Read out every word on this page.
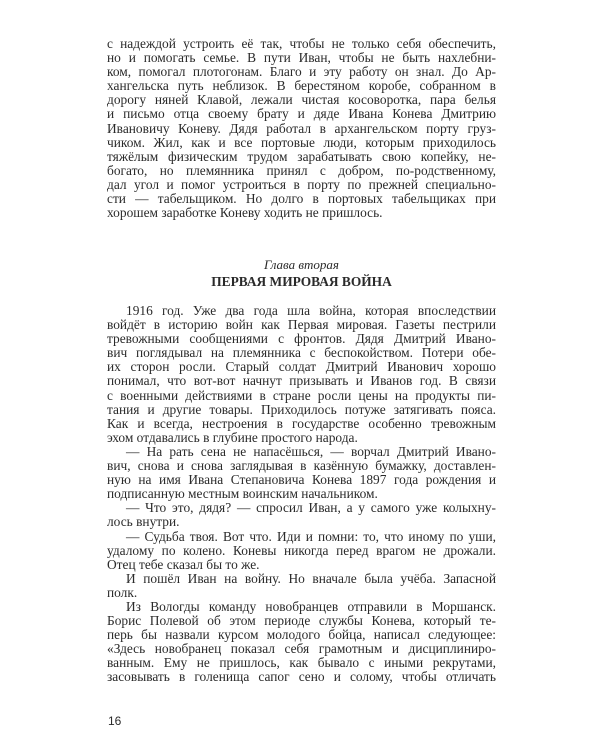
с надеждой устроить её так, чтобы не только себя обеспечить,
но и помогать семье. В пути Иван, чтобы не быть нахлебни-
ком, помогал плотогонам. Благо и эту работу он знал. До Ар-
хангельска путь неблизок. В берестяном коробе, собранном в
дорогу няней Клавой, лежали чистая косоворотка, пара белья
и письмо отца своему брату и дяде Ивана Конева Дмитрию
Ивановичу Коневу. Дядя работал в архангельском порту груз-
чиком. Жил, как и все портовые люди, которым приходилось
тяжёлым физическим трудом зарабатывать свою копейку, не-
богато, но племянника принял с добром, по-родственному,
дал угол и помог устроиться в порту по прежней специально-
сти — табельщиком. Но долго в портовых табельщиках при
хорошем заработке Коневу ходить не пришлось.
Глава вторая
ПЕРВАЯ МИРОВАЯ ВОЙНА
1916 год. Уже два года шла война, которая впоследствии
войдёт в историю войн как Первая мировая. Газеты пестрили
тревожными сообщениями с фронтов. Дядя Дмитрий Ивано-
вич поглядывал на племянника с беспокойством. Потери обе-
их сторон росли. Старый солдат Дмитрий Иванович хорошо
понимал, что вот-вот начнут призывать и Иванов год. В связи
с военными действиями в стране росли цены на продукты пи-
тания и другие товары. Приходилось потуже затягивать пояса.
Как и всегда, нестроения в государстве особенно тревожным
эхом отдавались в глубине простого народа.
— На рать сена не напасёшься, — ворчал Дмитрий Ивано-
вич, снова и снова заглядывая в казённую бумажку, доставлен-
ную на имя Ивана Степановича Конева 1897 года рождения и
подписанную местным воинским начальником.
— Что это, дядя? — спросил Иван, а у самого уже колыхну-
лось внутри.
— Судьба твоя. Вот что. Иди и помни: то, что иному по уши,
удалому по колено. Коневы никогда перед врагом не дрожали.
Отец тебе сказал бы то же.
И пошёл Иван на войну. Но вначале была учёба. Запасной
полк.
Из Вологды команду новобранцев отправили в Моршанск.
Борис Полевой об этом периоде службы Конева, который те-
перь бы назвали курсом молодого бойца, написал следующее:
«Здесь новобранец показал себя грамотным и дисциплиниро-
ванным. Ему не пришлось, как бывало с иными рекрутами,
засовывать в голенища сапог сено и солому, чтобы отличать
16
